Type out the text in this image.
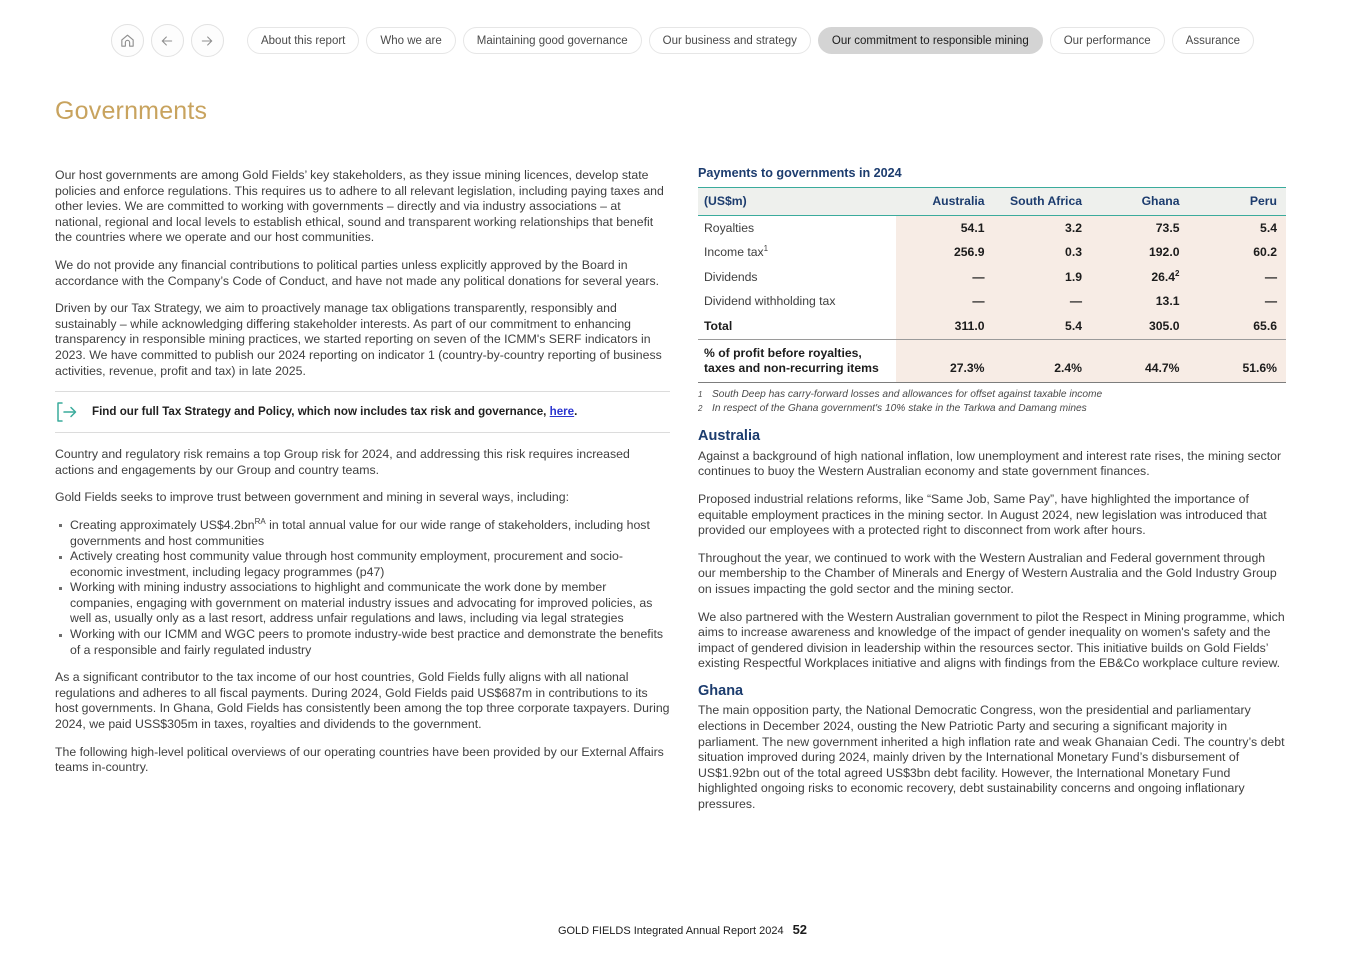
About this report	Who we are	Maintaining good governance	Our business and strategy	Our commitment to responsible mining	Our performance	Assurance
Governments

Our host governments are among Gold Fields’ key stakeholders, as they issue mining licences, develop state policies and enforce regulations. This requires us to adhere to all relevant legislation, including paying taxes and other levies. We are committed to working with governments – directly and via industry associations – at national, regional and local levels to establish ethical, sound and transparent working relationships that benefit the countries where we operate and our host communities.

We do not provide any financial contributions to political parties unless explicitly approved by the Board in accordance with the Company’s Code of Conduct, and have not made any political donations for several years.

Driven by our Tax Strategy, we aim to proactively manage tax obligations transparently, responsibly and sustainably – while acknowledging differing stakeholder interests. As part of our commitment to enhancing transparency in responsible mining practices, we started reporting on seven of the ICMM's SERF indicators in 2023. We have committed to publish our 2024 reporting on indicator 1 (country-by-country reporting of business activities, revenue, profit and tax) in late 2025.

Find our full Tax Strategy and Policy, which now includes tax risk and governance, here.

Country and regulatory risk remains a top Group risk for 2024, and addressing this risk requires increased actions and engagements by our Group and country teams.

Gold Fields seeks to improve trust between government and mining in several ways, including:

Creating approximately $US\$4.2bn^{RA}$ in total annual value for our wide range of stakeholders, including host governments and host communities
Actively creating host community value through host community employment, procurement and socio-economic investment, including legacy programmes (p47)
Working with mining industry associations to highlight and communicate the work done by member companies, engaging with government on material industry issues and advocating for improved policies, as well as, usually only as a last resort, address unfair regulations and laws, including via legal strategies
Working with our ICMM and WGC peers to promote industry-wide best practice and demonstrate the benefits of a responsible and fairly regulated industry

As a significant contributor to the tax income of our host countries, Gold Fields fully aligns with all national regulations and adheres to all fiscal payments. During 2024, Gold Fields paid US$687m in contributions to its host governments. In Ghana, Gold Fields has consistently been among the top three corporate taxpayers. During 2024, we paid USS$305m in taxes, royalties and dividends to the government.

The following high-level political overviews of our operating countries have been provided by our External Affairs teams in-country.

Payments to governments in 2024
(US$m)	Australia	South Africa	Ghana	Peru
Royalties	54.1	3.2	73.5	5.4
Income tax$^1$	256.9	0.3	192.0	60.2
Dividends	—	1.9	26.4$^2$	—
Dividend withholding tax	—	—	13.1	—
Total	311.0	5.4	305.0	65.6
% of profit before royalties,
taxes and non-recurring items	27.3%	2.4%	44.7%	51.6%
1 South Deep has carry-forward losses and allowances for offset against taxable income
2 In respect of the Ghana government's 10% stake in the Tarkwa and Damang mines
Australia

Against a background of high national inflation, low unemployment and interest rate rises, the mining sector continues to buoy the Western Australian economy and state government finances.

Proposed industrial relations reforms, like “Same Job, Same Pay”, have highlighted the importance of equitable employment practices in the mining sector. In August 2024, new legislation was introduced that provided our employees with a protected right to disconnect from work after hours.

Throughout the year, we continued to work with the Western Australian and Federal government through our membership to the Chamber of Minerals and Energy of Western Australia and the Gold Industry Group on issues impacting the gold sector and the mining sector.

We also partnered with the Western Australian government to pilot the Respect in Mining programme, which aims to increase awareness and knowledge of the impact of gender inequality on women's safety and the impact of gendered division in leadership within the resources sector. This initiative builds on Gold Fields’ existing Respectful Workplaces initiative and aligns with findings from the EB&Co workplace culture review.

Ghana

The main opposition party, the National Democratic Congress, won the presidential and parliamentary elections in December 2024, ousting the New Patriotic Party and securing a significant majority in parliament. The new government inherited a high inflation rate and weak Ghanaian Cedi. The country’s debt situation improved during 2024, mainly driven by the International Monetary Fund’s disbursement of US$1.92bn out of the total agreed US$3bn debt facility. However, the International Monetary Fund highlighted ongoing risks to economic recovery, debt sustainability concerns and ongoing inflationary pressures.

GOLD FIELDS Integrated Annual Report 2024 52
